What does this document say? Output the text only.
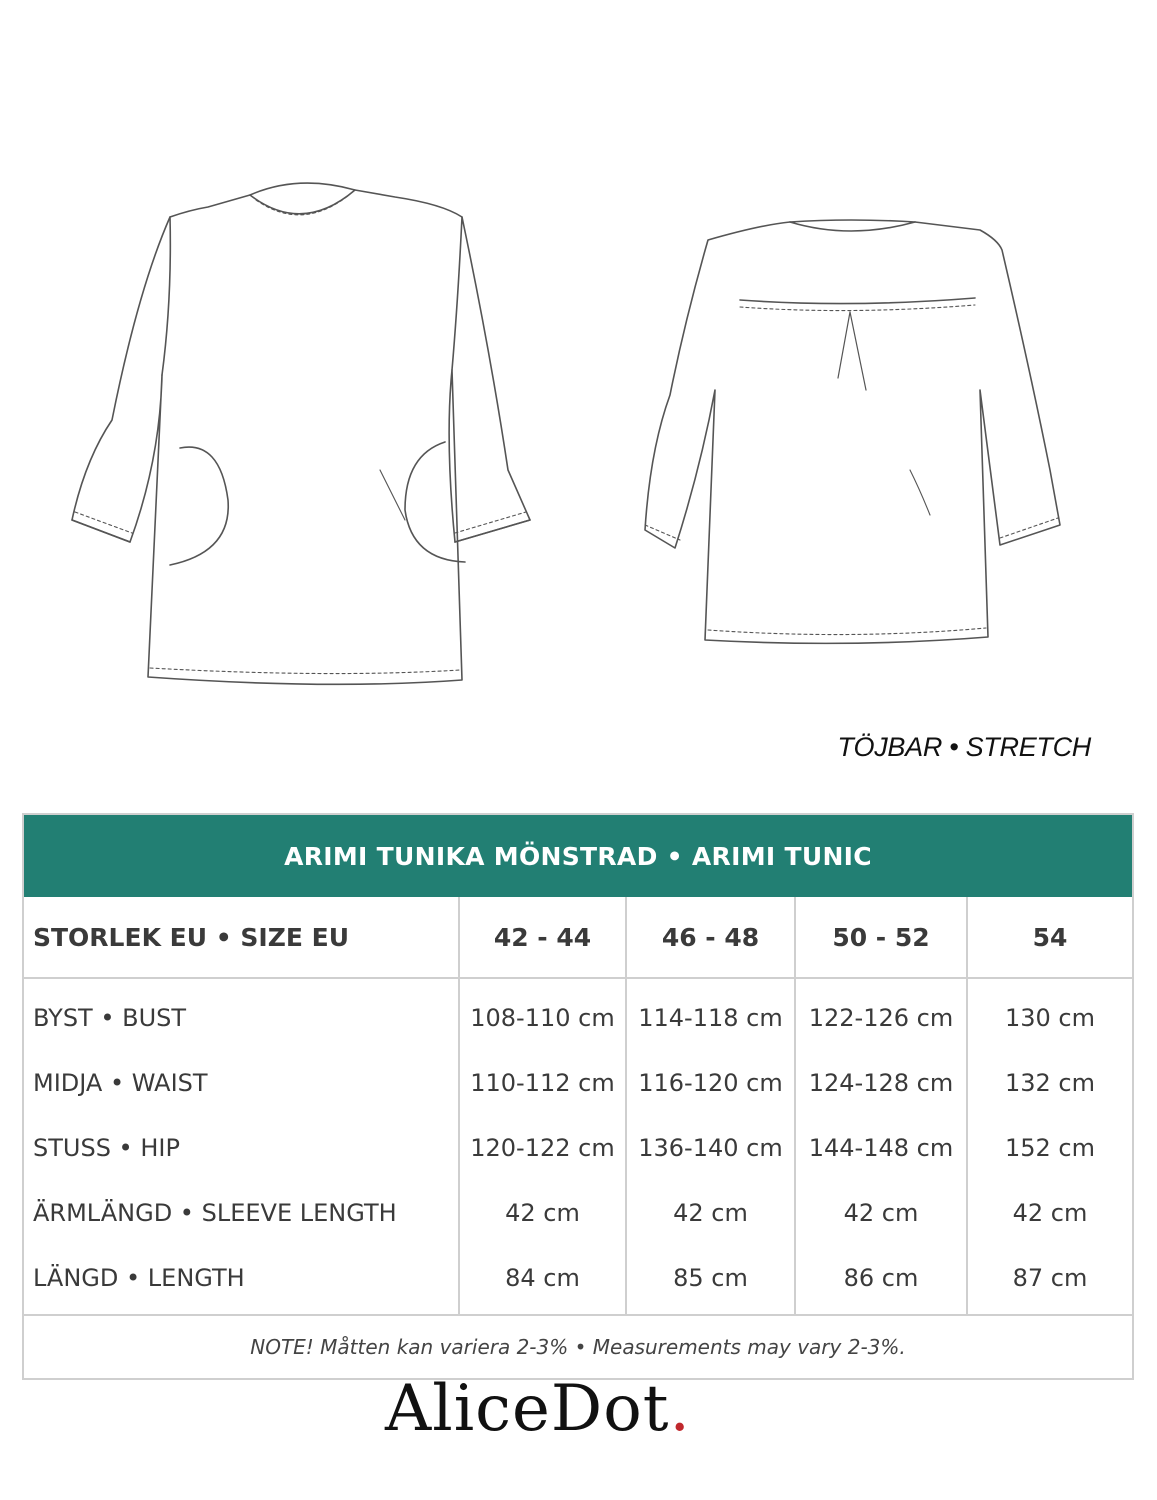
TÖJBAR • STRETCH
ARIMI TUNIKA MÖNSTRAD • ARIMI TUNIC
STORLEK EU • SIZE EU	42 - 44	46 - 48	50 - 52	54
BYST • BUST	108-110 cm	114-118 cm	122-126 cm	130 cm
MIDJA • WAIST	110-112 cm	116-120 cm	124-128 cm	132 cm
STUSS • HIP	120-122 cm	136-140 cm	144-148 cm	152 cm
ÄRMLÄNGD • SLEEVE LENGTH	42 cm	42 cm	42 cm	42 cm
LÄNGD • LENGTH	84 cm	85 cm	86 cm	87 cm
NOTE! Måtten kan variera 2-3% • Measurements may vary 2-3%.
AliceDot.
